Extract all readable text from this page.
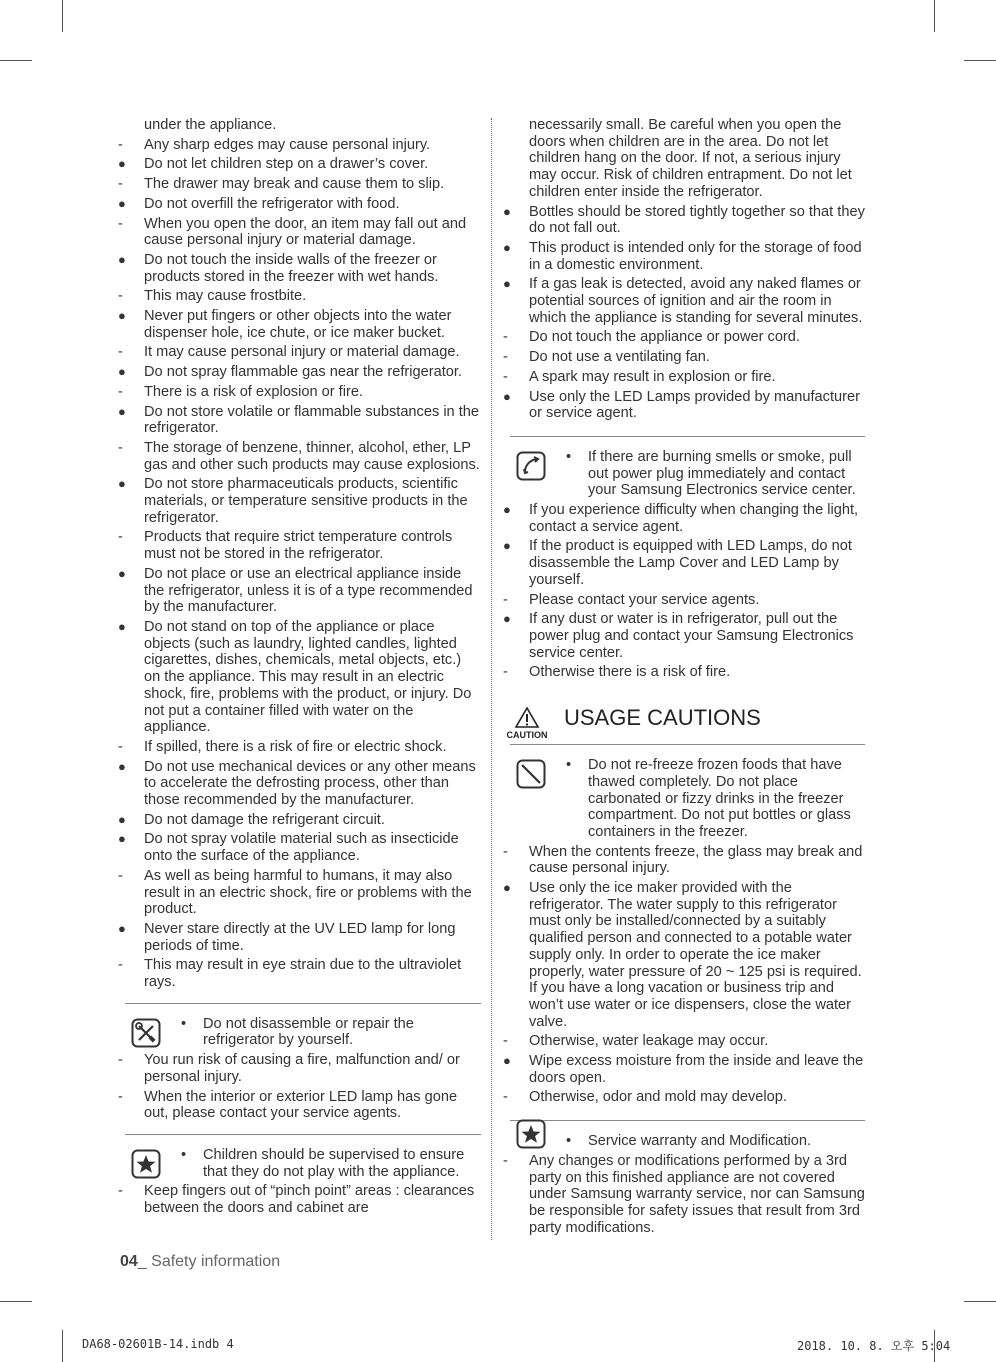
under the appliance.
-	Any sharp edges may cause personal injury.
●	Do not let children step on a drawer’s cover.
-	The drawer may break and cause them to slip.
●	Do not overfill the refrigerator with food.
-	When you open the door, an item may fall out and cause personal injury or material damage.
●	Do not touch the inside walls of the freezer or products stored in the freezer with wet hands.
-	This may cause frostbite.
●	Never put fingers or other objects into the water dispenser hole, ice chute, or ice maker bucket.
-	It may cause personal injury or material damage.
●	Do not spray flammable gas near the refrigerator.
-	There is a risk of explosion or fire.
●	Do not store volatile or flammable substances in the refrigerator.
-	The storage of benzene, thinner, alcohol, ether, LP gas and other such products may cause explosions.
●	Do not store pharmaceuticals products, scientific materials, or temperature sensitive products in the refrigerator.
-	Products that require strict temperature controls must not be stored in the refrigerator.
●	Do not place or use an electrical appliance inside the refrigerator, unless it is of a type recommended by the manufacturer.
●	Do not stand on top of the appliance or place objects (such as laundry, lighted candles, lighted cigarettes, dishes, chemicals, metal objects, etc.) on the appliance. This may result in an electric shock, fire, problems with the product, or injury. Do not put a container filled with water on the appliance.
-	If spilled, there is a risk of fire or electric shock.
●	Do not use mechanical devices or any other means to accelerate the defrosting process, other than those recommended by the manufacturer.
●	Do not damage the refrigerant circuit.
●	Do not spray volatile material such as insecticide onto the surface of the appliance.
-	As well as being harmful to humans, it may also result in an electric shock, fire or problems with the product.
●	Never stare directly at the UV LED lamp for long periods of time.
-	This may result in eye strain due to the ultraviolet rays.
• Do not disassemble or repair the refrigerator by yourself.
-	You run risk of causing a fire, malfunction and/ or personal injury.
-	When the interior or exterior LED lamp has gone out, please contact your service agents.
• Children should be supervised to ensure that they do not play with the appliance.
-	Keep fingers out of “pinch point” areas : clearances between the doors and cabinet are
necessarily small. Be careful when you open the doors when children are in the area. Do not let children hang on the door. If not, a serious injury may occur. Risk of children entrapment. Do not let children enter inside the refrigerator.
●	Bottles should be stored tightly together so that they do not fall out.
●	This product is intended only for the storage of food in a domestic environment.
●	If a gas leak is detected, avoid any naked flames or potential sources of ignition and air the room in which the appliance is standing for several minutes.
-	Do not touch the appliance or power cord.
-	Do not use a ventilating fan.
-	A spark may result in explosion or fire.
●	Use only the LED Lamps provided by manufacturer or service agent.
• If there are burning smells or smoke, pull out power plug immediately and contact your Samsung Electronics service center.
●	If you experience difficulty when changing the light, contact a service agent.
●	If the product is equipped with LED Lamps, do not disassemble the Lamp Cover and LED Lamp by yourself.
-	Please contact your service agents.
●	If any dust or water is in refrigerator, pull out the power plug and contact your Samsung Electronics service center.
-	Otherwise there is a risk of fire.
CAUTION
USAGE CAUTIONS
• Do not re-freeze frozen foods that have thawed completely. Do not place carbonated or fizzy drinks in the freezer compartment. Do not put bottles or glass containers in the freezer.
-	When the contents freeze, the glass may break and cause personal injury.
●	Use only the ice maker provided with the refrigerator. The water supply to this refrigerator must only be installed/connected by a suitably qualified person and connected to a potable water supply only. In order to operate the ice maker properly, water pressure of 20 ~ 125 psi is required. If you have a long vacation or business trip and won’t use water or ice dispensers, close the water valve.
-	Otherwise, water leakage may occur.
●	Wipe excess moisture from the inside and leave the doors open.
-	Otherwise, odor and mold may develop.
• Service warranty and Modification.
-	Any changes or modifications performed by a 3rd party on this finished appliance are not covered under Samsung warranty service, nor can Samsung be responsible for safety issues that result from 3rd party modifications.
04_ Safety information
DA68-02601B-14.indb 4	2018. 10. 8. 오후 5:04
